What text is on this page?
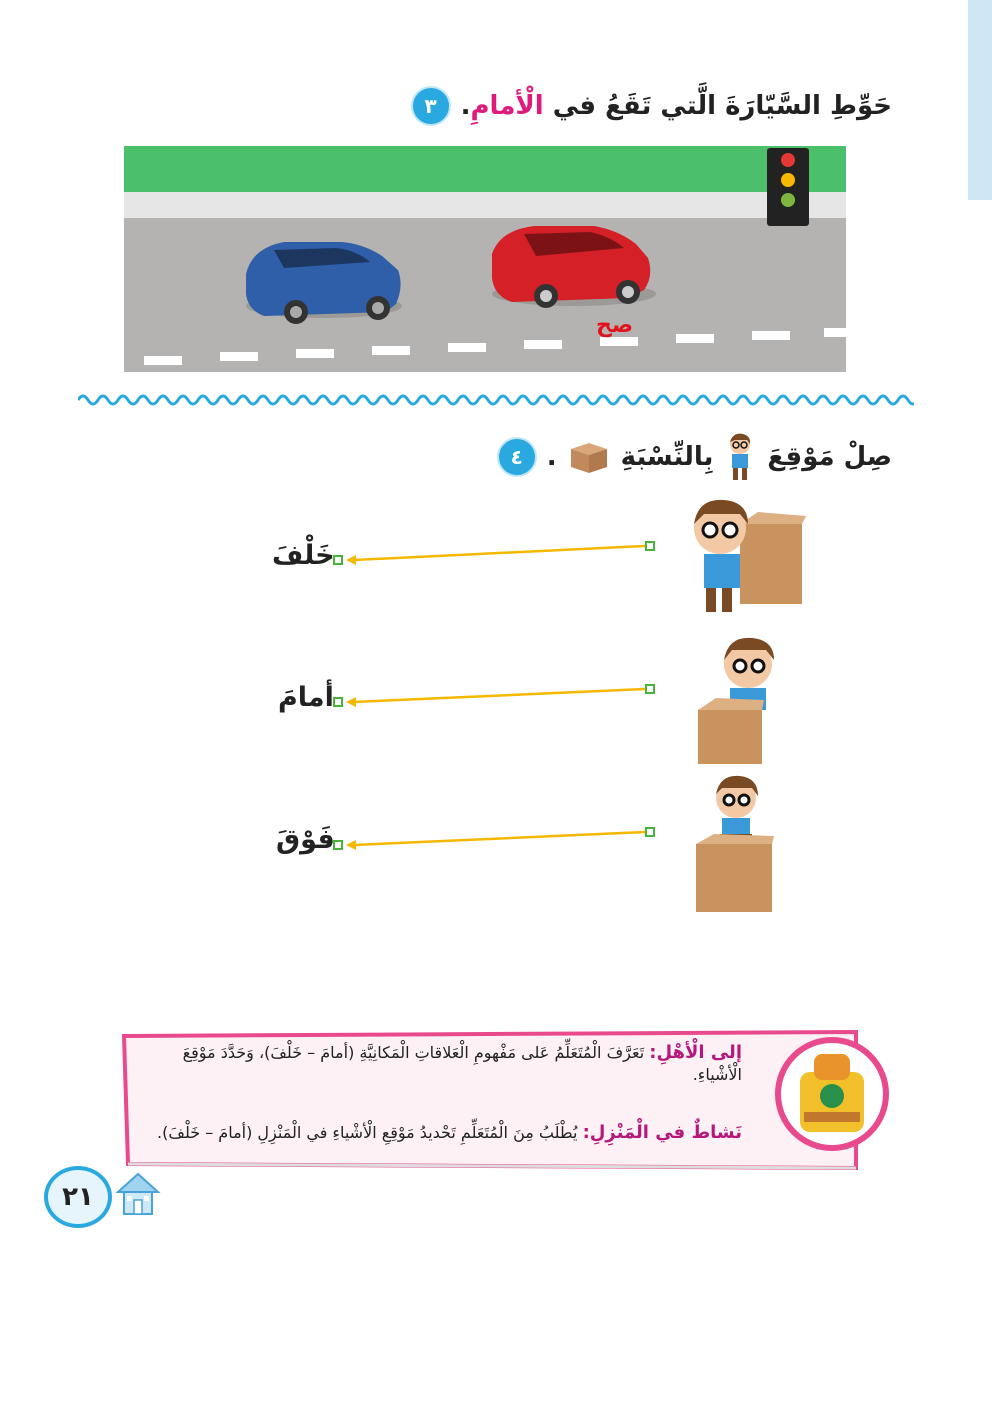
٣	حَوِّطِ السَّيّارَةَ الَّتي تَقَعُ في الْأمامِ.
صح
٤	صِلْ مَوْقِعَ
بِالنِّسْبَةِ
.
خَلْفَ
أمامَ
فَوْقَ
إلى الْأهْلِ: تَعَرَّفَ الْمُتَعَلِّمُ عَلى مَفْهومِ الْعَلاقاتِ الْمَكانِيَّةِ (أمامَ – خَلْفَ)، وَحَدَّدَ مَوْقِعَ الْأشْياءِ.
نَشاطٌ في الْمَنْزِلِ: يُطْلَبُ مِنَ الْمُتَعَلِّمِ تَحْديدُ مَوْقِعِ الْأشْياءِ في الْمَنْزِلِ (أمامَ – خَلْفَ).
٢١
